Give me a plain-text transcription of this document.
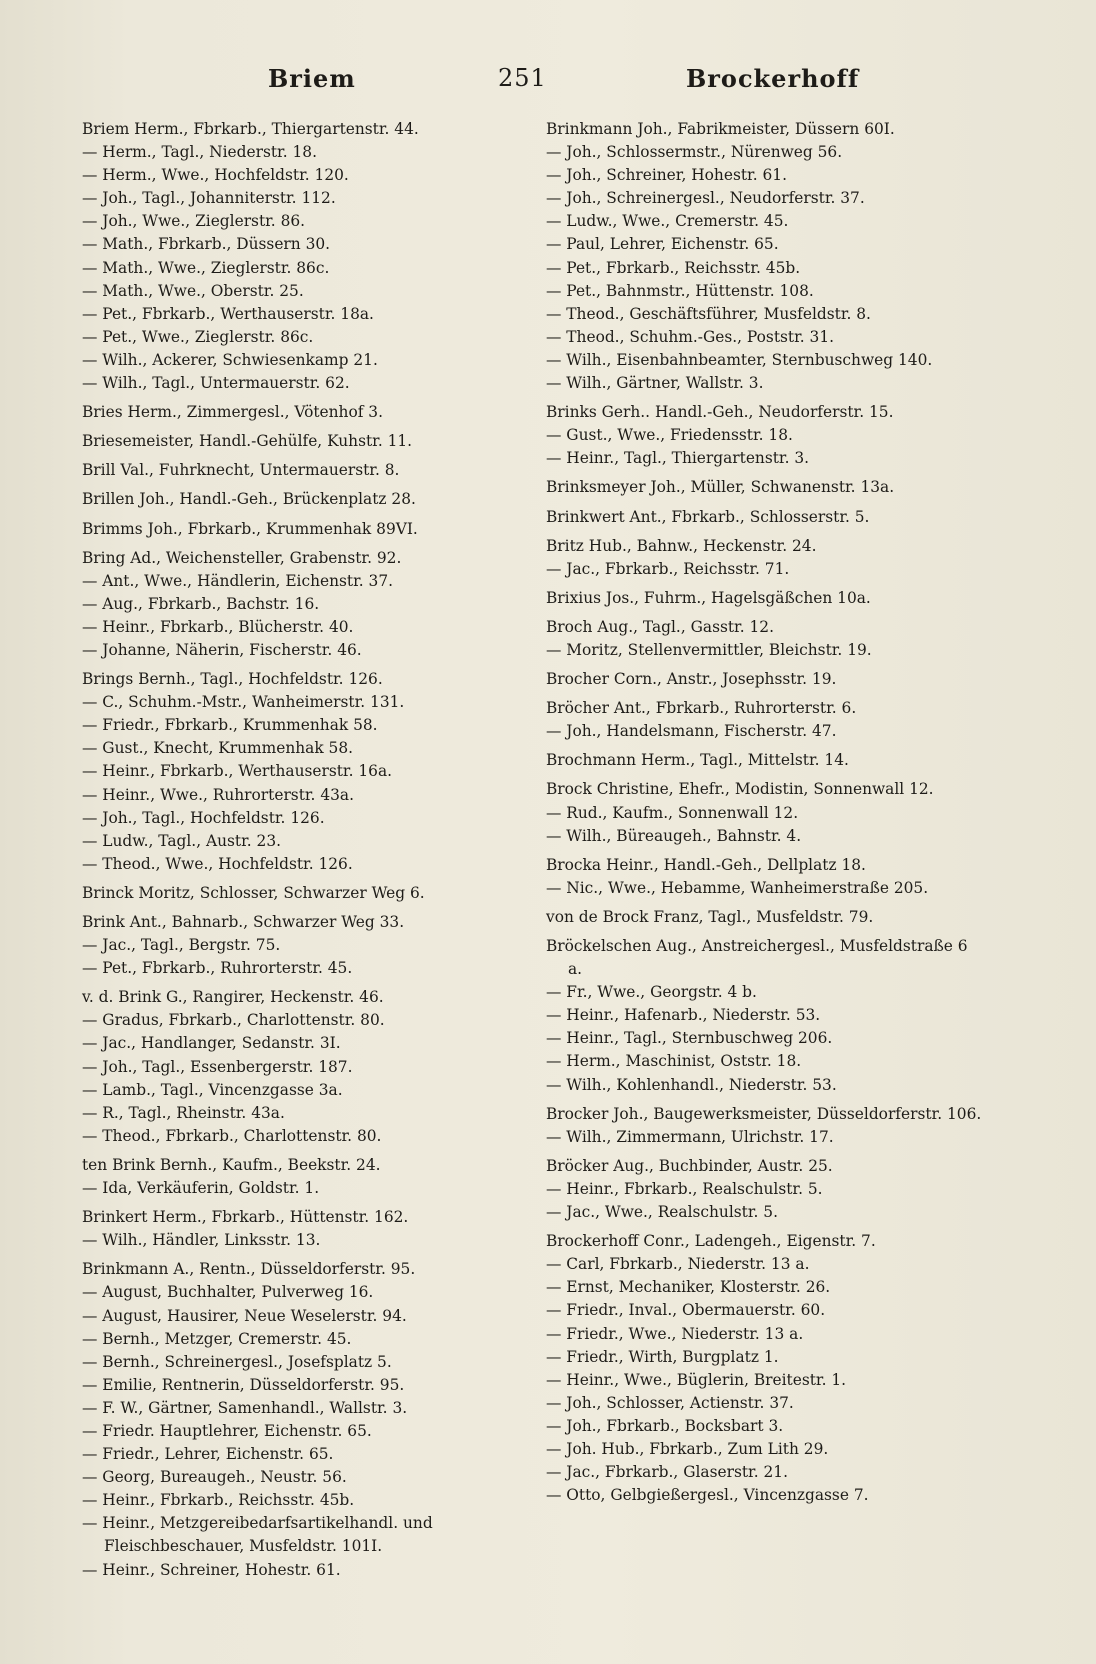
Briem	251	Brockerhoff
Briem Herm., Fbrkarb., Thiergartenstr. 44.
— Herm., Tagl., Niederstr. 18.
— Herm., Wwe., Hochfeldstr. 120.
— Joh., Tagl., Johanniterstr. 112.
— Joh., Wwe., Zieglerstr. 86.
— Math., Fbrkarb., Düssern 30.
— Math., Wwe., Zieglerstr. 86c.
— Math., Wwe., Oberstr. 25.
— Pet., Fbrkarb., Werthauserstr. 18a.
— Pet., Wwe., Zieglerstr. 86c.
— Wilh., Ackerer, Schwiesenkamp 21.
— Wilh., Tagl., Untermauerstr. 62.
Bries Herm., Zimmergesl., Vötenhof 3.
Briesemeister, Handl.-Gehülfe, Kuhstr. 11.
Brill Val., Fuhrknecht, Untermauerstr. 8.
Brillen Joh., Handl.-Geh., Brückenplatz 28.
Brimms Joh., Fbrkarb., Krummenhak 89VI.
Bring Ad., Weichensteller, Grabenstr. 92.
— Ant., Wwe., Händlerin, Eichenstr. 37.
— Aug., Fbrkarb., Bachstr. 16.
— Heinr., Fbrkarb., Blücherstr. 40.
— Johanne, Näherin, Fischerstr. 46.
Brings Bernh., Tagl., Hochfeldstr. 126.
— C., Schuhm.-Mstr., Wanheimerstr. 131.
— Friedr., Fbrkarb., Krummenhak 58.
— Gust., Knecht, Krummenhak 58.
— Heinr., Fbrkarb., Werthauserstr. 16a.
— Heinr., Wwe., Ruhrorterstr. 43a.
— Joh., Tagl., Hochfeldstr. 126.
— Ludw., Tagl., Austr. 23.
— Theod., Wwe., Hochfeldstr. 126.
Brinck Moritz, Schlosser, Schwarzer Weg 6.
Brink Ant., Bahnarb., Schwarzer Weg 33.
— Jac., Tagl., Bergstr. 75.
— Pet., Fbrkarb., Ruhrorterstr. 45.
v. d. Brink G., Rangirer, Heckenstr. 46.
— Gradus, Fbrkarb., Charlottenstr. 80.
— Jac., Handlanger, Sedanstr. 3I.
— Joh., Tagl., Essenbergerstr. 187.
— Lamb., Tagl., Vincenzgasse 3a.
— R., Tagl., Rheinstr. 43a.
— Theod., Fbrkarb., Charlottenstr. 80.
ten Brink Bernh., Kaufm., Beekstr. 24.
— Ida, Verkäuferin, Goldstr. 1.
Brinkert Herm., Fbrkarb., Hüttenstr. 162.
— Wilh., Händler, Linksstr. 13.
Brinkmann A., Rentn., Düsseldorferstr. 95.
— August, Buchhalter, Pulverweg 16.
— August, Hausirer, Neue Weselerstr. 94.
— Bernh., Metzger, Cremerstr. 45.
— Bernh., Schreinergesl., Josefsplatz 5.
— Emilie, Rentnerin, Düsseldorferstr. 95.
— F. W., Gärtner, Samenhandl., Wallstr. 3.
— Friedr. Hauptlehrer, Eichenstr. 65.
— Friedr., Lehrer, Eichenstr. 65.
— Georg, Bureaugeh., Neustr. 56.
— Heinr., Fbrkarb., Reichsstr. 45b.
— Heinr., Metzgereibedarfsartikelhandl. und Fleischbeschauer, Musfeldstr. 101I.
— Heinr., Schreiner, Hohestr. 61.
Brinkmann Joh., Fabrikmeister, Düssern 60I.
— Joh., Schlossermstr., Nürenweg 56.
— Joh., Schreiner, Hohestr. 61.
— Joh., Schreinergesl., Neudorferstr. 37.
— Ludw., Wwe., Cremerstr. 45.
— Paul, Lehrer, Eichenstr. 65.
— Pet., Fbrkarb., Reichsstr. 45b.
— Pet., Bahnmstr., Hüttenstr. 108.
— Theod., Geschäftsführer, Musfeldstr. 8.
— Theod., Schuhm.-Ges., Poststr. 31.
— Wilh., Eisenbahnbeamter, Sternbuschweg 140.
— Wilh., Gärtner, Wallstr. 3.
Brinks Gerh.. Handl.-Geh., Neudorferstr. 15.
— Gust., Wwe., Friedensstr. 18.
— Heinr., Tagl., Thiergartenstr. 3.
Brinksmeyer Joh., Müller, Schwanenstr. 13a.
Brinkwert Ant., Fbrkarb., Schlosserstr. 5.
Britz Hub., Bahnw., Heckenstr. 24.
— Jac., Fbrkarb., Reichsstr. 71.
Brixius Jos., Fuhrm., Hagelsgäßchen 10a.
Broch Aug., Tagl., Gasstr. 12.
— Moritz, Stellenvermittler, Bleichstr. 19.
Brocher Corn., Anstr., Josephsstr. 19.
Bröcher Ant., Fbrkarb., Ruhrorterstr. 6.
— Joh., Handelsmann, Fischerstr. 47.
Brochmann Herm., Tagl., Mittelstr. 14.
Brock Christine, Ehefr., Modistin, Sonnenwall 12.
— Rud., Kaufm., Sonnenwall 12.
— Wilh., Büreaugeh., Bahnstr. 4.
Brocka Heinr., Handl.-Geh., Dellplatz 18.
— Nic., Wwe., Hebamme, Wanheimerstraße 205.
von de Brock Franz, Tagl., Musfeldstr. 79.
Bröckelschen Aug., Anstreichergesl., Musfeldstraße 6 a.
— Fr., Wwe., Georgstr. 4 b.
— Heinr., Hafenarb., Niederstr. 53.
— Heinr., Tagl., Sternbuschweg 206.
— Herm., Maschinist, Oststr. 18.
— Wilh., Kohlenhandl., Niederstr. 53.
Brocker Joh., Baugewerksmeister, Düsseldorferstr. 106.
— Wilh., Zimmermann, Ulrichstr. 17.
Bröcker Aug., Buchbinder, Austr. 25.
— Heinr., Fbrkarb., Realschulstr. 5.
— Jac., Wwe., Realschulstr. 5.
Brockerhoff Conr., Ladengeh., Eigenstr. 7.
— Carl, Fbrkarb., Niederstr. 13 a.
— Ernst, Mechaniker, Klosterstr. 26.
— Friedr., Inval., Obermauerstr. 60.
— Friedr., Wwe., Niederstr. 13 a.
— Friedr., Wirth, Burgplatz 1.
— Heinr., Wwe., Büglerin, Breitestr. 1.
— Joh., Schlosser, Actienstr. 37.
— Joh., Fbrkarb., Bocksbart 3.
— Joh. Hub., Fbrkarb., Zum Lith 29.
— Jac., Fbrkarb., Glaserstr. 21.
— Otto, Gelbgießergesl., Vincenzgasse 7.
